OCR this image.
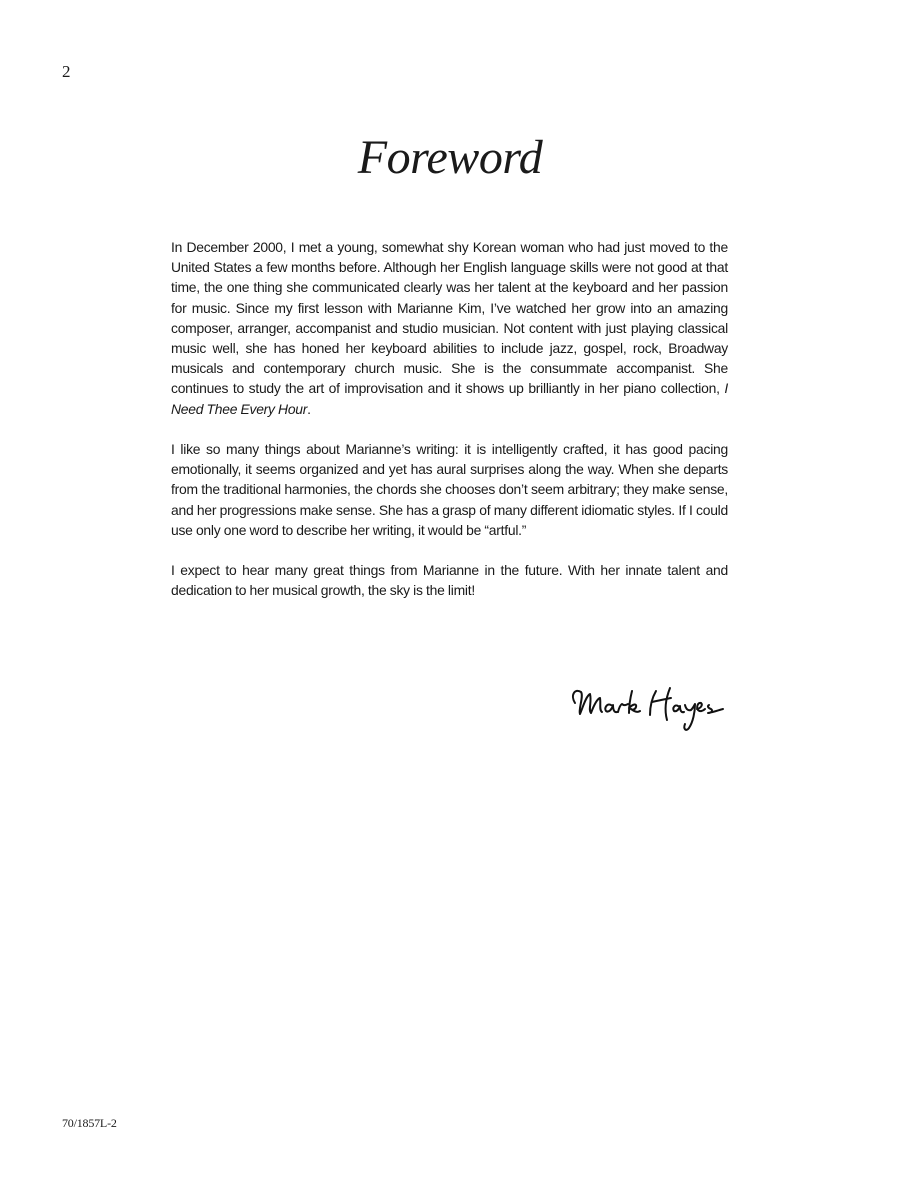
2
Foreword

In December 2000, I met a young, somewhat shy Korean woman who had just moved to the United States a few months before. Although her English language skills were not good at that time, the one thing she communicated clearly was her talent at the keyboard and her passion for music. Since my first lesson with Marianne Kim, I’ve watched her grow into an amazing composer, arranger, accompanist and studio musician. Not content with just playing classical music well, she has honed her keyboard abilities to include jazz, gospel, rock, Broadway musicals and contemporary church music. She is the consummate accompanist. She continues to study the art of improvisation and it shows up brilliantly in her piano collection, I Need Thee Every Hour.

I like so many things about Marianne’s writing: it is intelligently crafted, it has good pacing emotionally, it seems organized and yet has aural surprises along the way. When she departs from the traditional harmonies, the chords she chooses don’t seem arbitrary; they make sense, and her progressions make sense. She has a grasp of many different idiomatic styles. If I could use only one word to describe her writing, it would be “artful.”

I expect to hear many great things from Marianne in the future. With her innate talent and dedication to her musical growth, the sky is the limit!

70/1857L-2
